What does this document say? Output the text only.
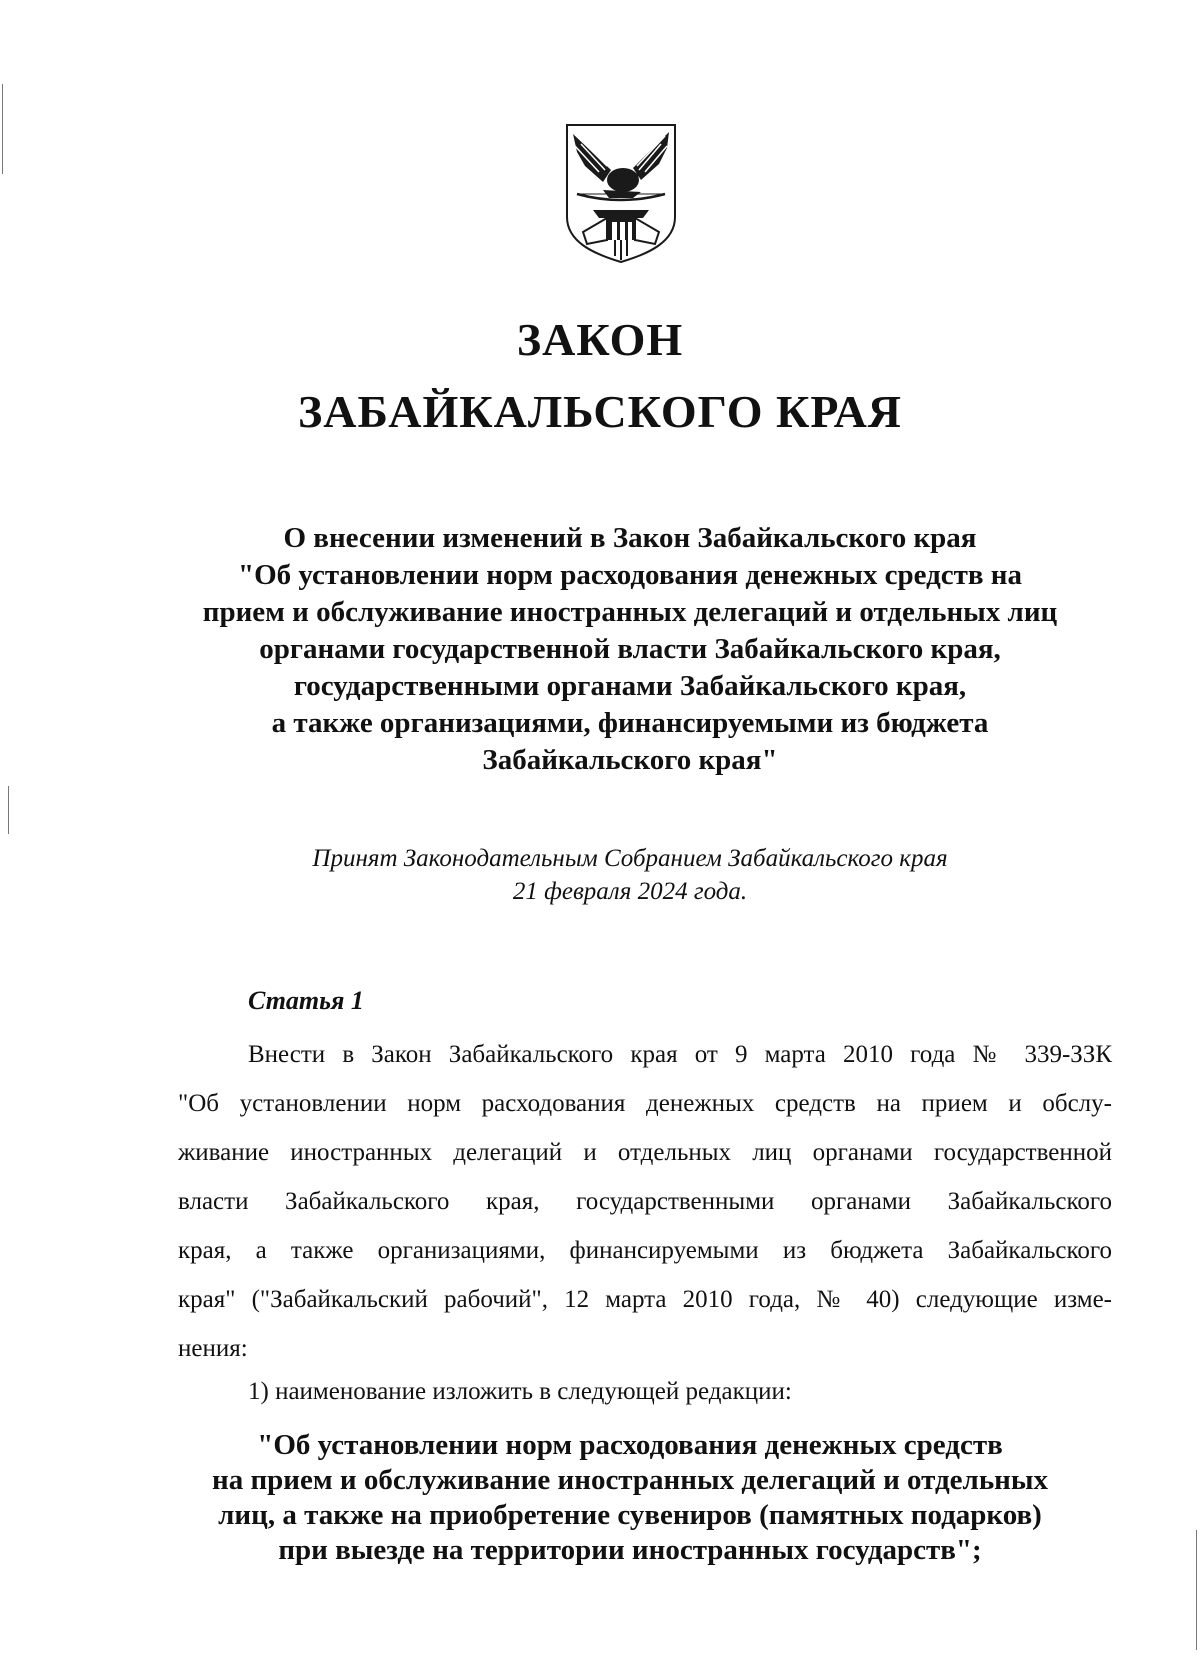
ЗАКОН
ЗАБАЙКАЛЬСКОГО КРАЯ
О внесении изменений в Закон Забайкальского края
"Об установлении норм расходования денежных средств на
прием и обслуживание иностранных делегаций и отдельных лиц
органами государственной власти Забайкальского края,
государственными органами Забайкальского края,
а также организациями, финансируемыми из бюджета
Забайкальского края"
Принят Законодательным Собранием Забайкальского края
21 февраля 2024 года.
Статья 1
Внести в Закон Забайкальского края от 9 марта 2010 года № 339-ЗЗК
"Об установлении норм расходования денежных средств на прием и обслу-
живание иностранных делегаций и отдельных лиц органами государственной
власти Забайкальского края, государственными органами Забайкальского
края, а также организациями, финансируемыми из бюджета Забайкальского
края" ("Забайкальский рабочий", 12 марта 2010 года, № 40) следующие изме-
нения:
1) наименование изложить в следующей редакции:
"Об установлении норм расходования денежных средств
на прием и обслуживание иностранных делегаций и отдельных
лиц, а также на приобретение сувениров (памятных подарков)
при выезде на территории иностранных государств";
